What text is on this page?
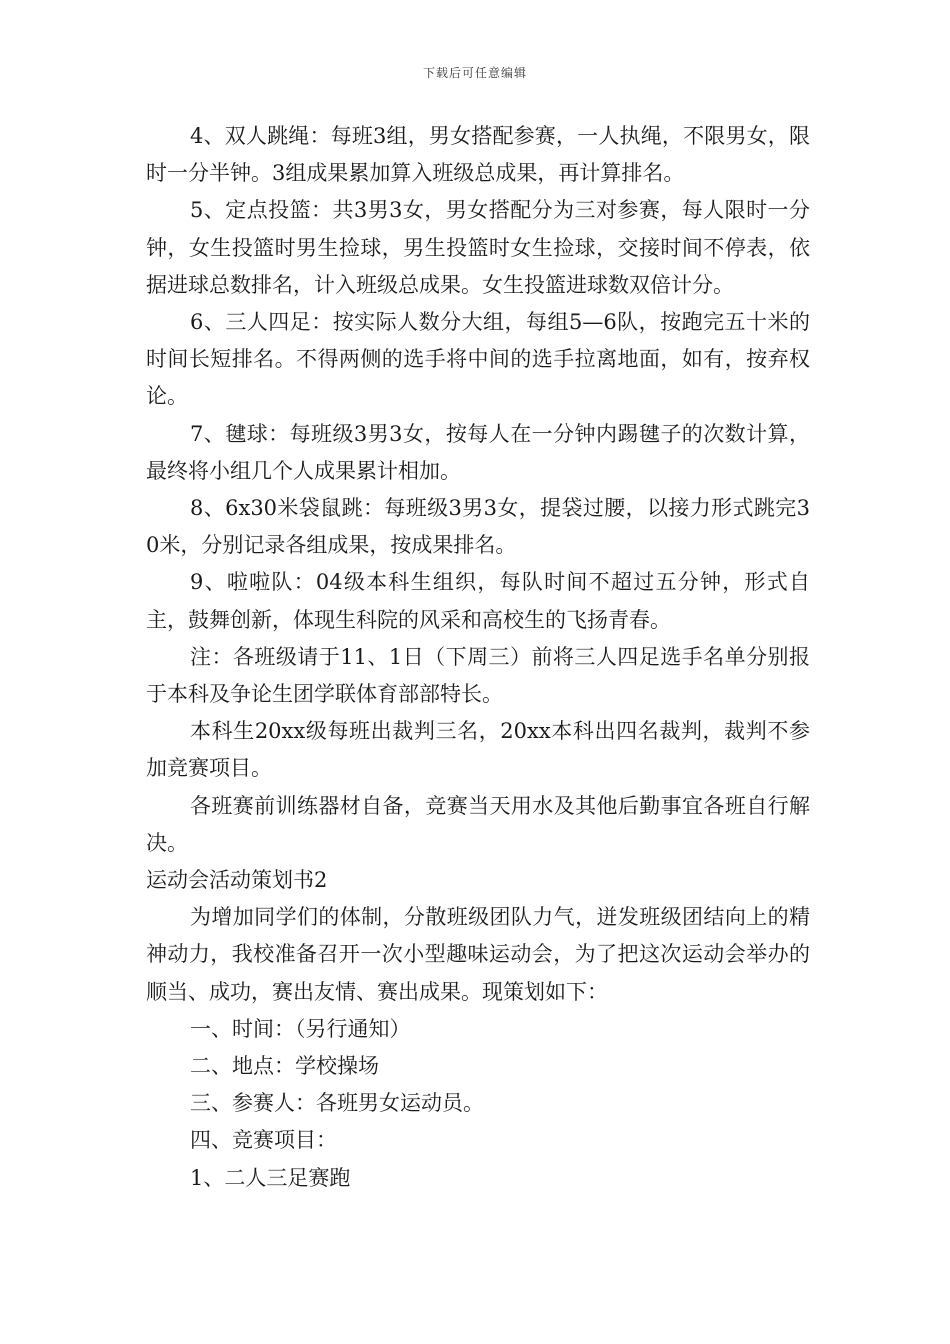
下载后可任意编辑

4、双人跳绳：每班3组，男女搭配参赛，一人执绳，不限男女，限时一分半钟。3组成果累加算入班级总成果，再计算排名。

5、定点投篮：共3男3女，男女搭配分为三对参赛，每人限时一分钟，女生投篮时男生捡球，男生投篮时女生捡球，交接时间不停表，依据进球总数排名，计入班级总成果。女生投篮进球数双倍计分。

6、三人四足：按实际人数分大组，每组5—6队，按跑完五十米的时间长短排名。不得两侧的选手将中间的选手拉离地面，如有，按弃权论。

7、毽球：每班级3男3女，按每人在一分钟内踢毽子的次数计算，最终将小组几个人成果累计相加。

8、6x30米袋鼠跳：每班级3男3女，提袋过腰，以接力形式跳完30米，分别记录各组成果，按成果排名。

9、啦啦队：04级本科生组织，每队时间不超过五分钟，形式自主，鼓舞创新，体现生科院的风采和高校生的飞扬青春。

注：各班级请于11、1日（下周三）前将三人四足选手名单分别报于本科及争论生团学联体育部部特长。

本科生20xx级每班出裁判三名，20xx本科出四名裁判，裁判不参加竞赛项目。

各班赛前训练器材自备，竞赛当天用水及其他后勤事宜各班自行解决。

运动会活动策划书2

为增加同学们的体制，分散班级团队力气，迸发班级团结向上的精神动力，我校准备召开一次小型趣味运动会，为了把这次运动会举办的顺当、成功，赛出友情、赛出成果。现策划如下：

一、时间：（另行通知）

二、地点：学校操场

三、参赛人：各班男女运动员。

四、竞赛项目：

1、二人三足赛跑
